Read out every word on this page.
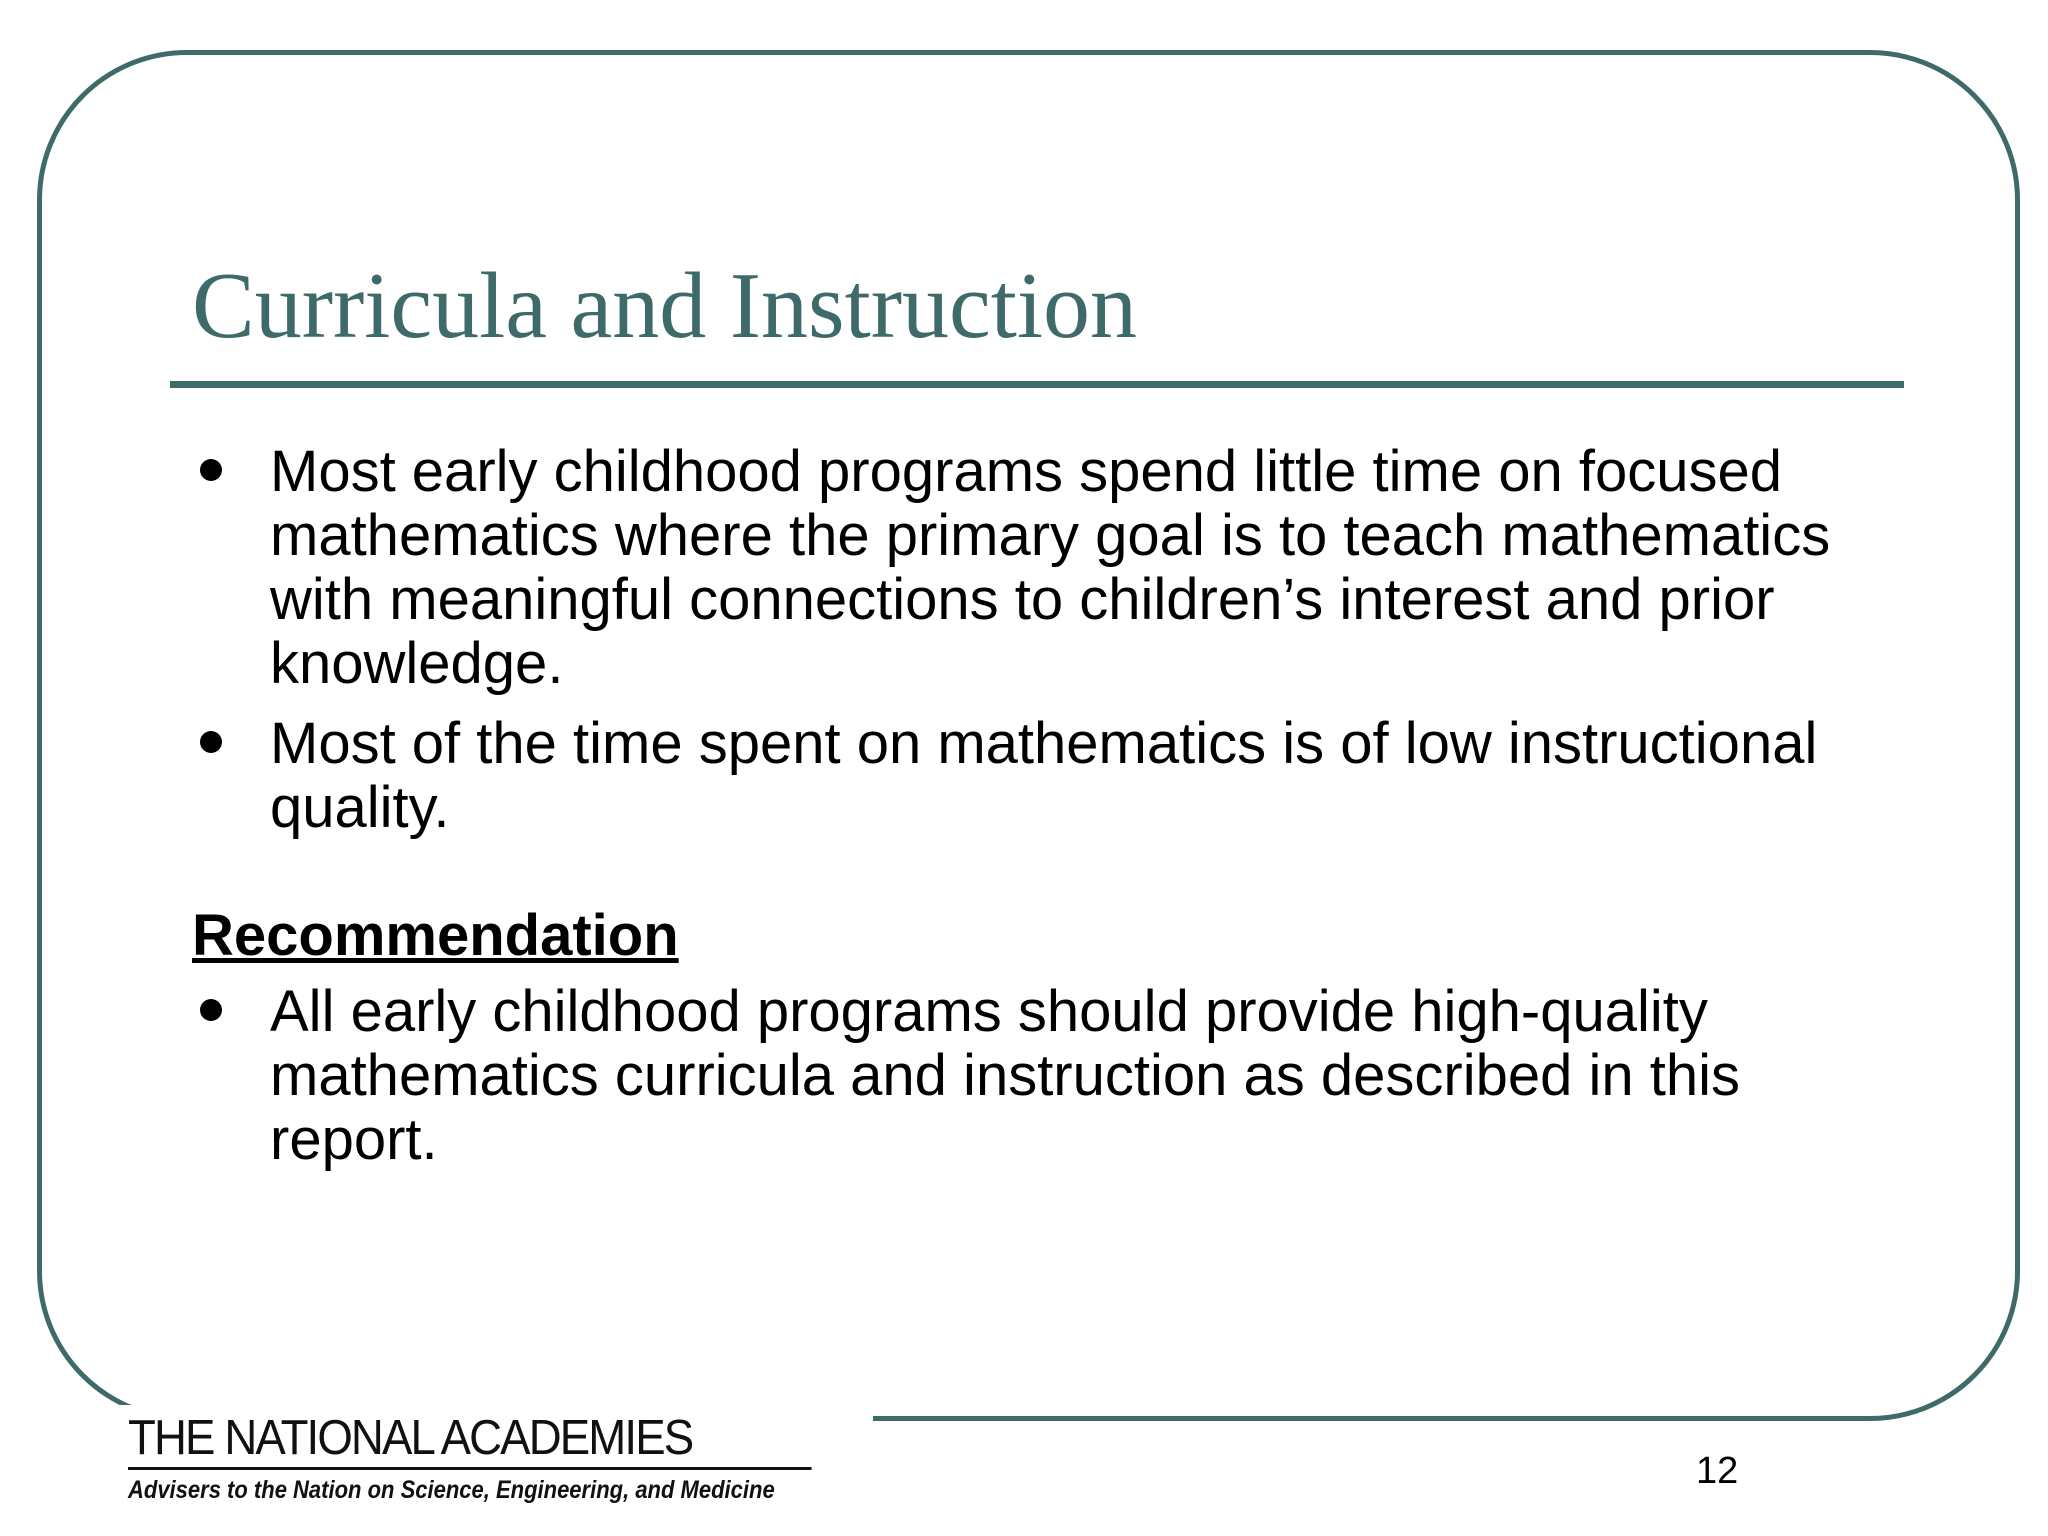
Curricula and Instruction
Most early childhood programs spend little time on focused mathematics where the primary goal is to teach mathematics with meaningful connections to children’s interest and prior knowledge.
Most of the time spent on mathematics is of low instructional quality.
Recommendation
All early childhood programs should provide high-quality mathematics curricula and instruction as described in this report.
THE NATIONAL ACADEMIES
Advisers to the Nation on Science, Engineering, and Medicine	12
